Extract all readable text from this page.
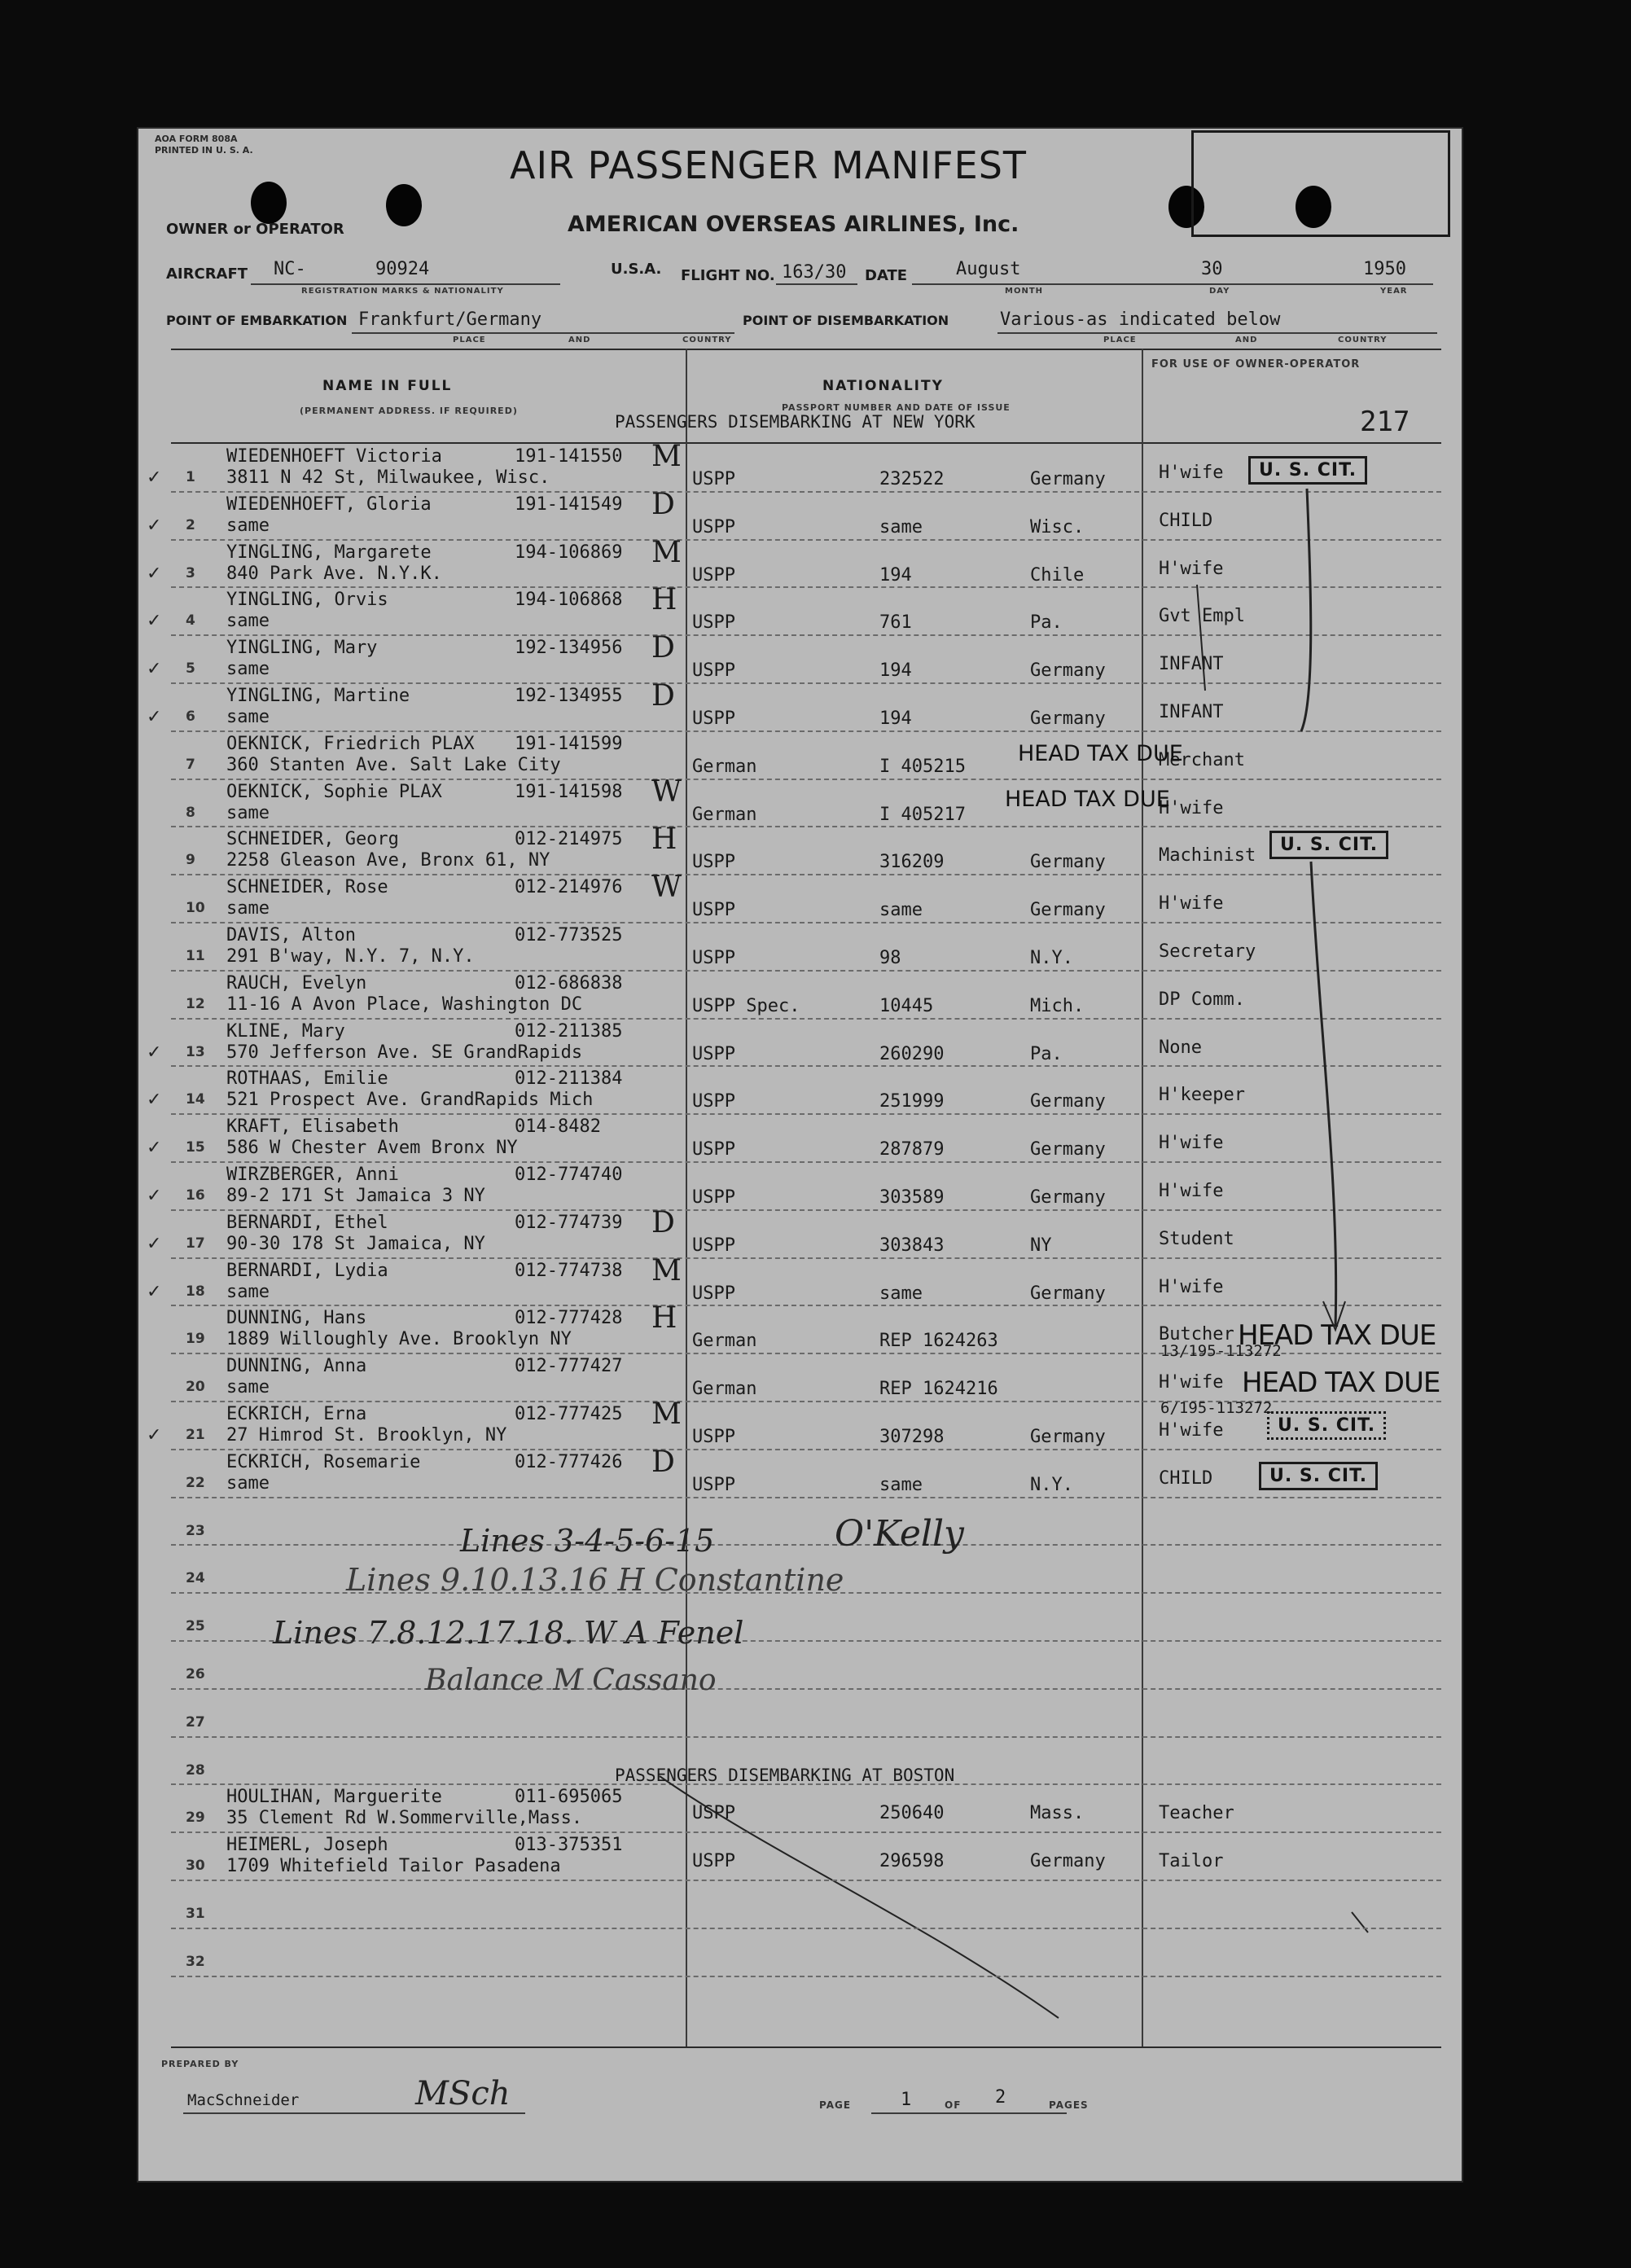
AOA FORM 808A
PRINTED IN U. S. A.	AIR PASSENGER MANIFEST
OWNER or OPERATOR	AMERICAN OVERSEAS AIRLINES, Inc.
AIRCRAFT NC-	90924
REGISTRATION MARKS & NATIONALITY
U.S.A. FLIGHT NO. 163/30 DATE	August	30	1950
MONTH	DAY	YEAR
POINT OF EMBARKATION Frankfurt/Germany	POINT OF DISEMBARKATION	Various-as indicated below
PLACE	AND	COUNTRY	PLACE	AND	COUNTRY
NAME IN FULL
(PERMANENT ADDRESS. IF REQUIRED)
NATIONALITY
PASSPORT NUMBER AND DATE OF ISSUE
FOR USE OF OWNER-OPERATOR
217
PASSENGERS DISEMBARKING AT NEW YORK
1
WIEDENHOEFT Victoria	191-141550
3811 N 42 St, Milwaukee, Wisc.
M
USPP	232522	Germany	H'wife
✓
2
WIEDENHOEFT, Gloria	191-141549
same
D
USPP	same	Wisc.	CHILD
✓
3
YINGLING, Margarete	194-106869
840 Park Ave. N.Y.K.
M
USPP	194	Chile	H'wife
✓
4
YINGLING, Orvis	194-106868
same
H
USPP	761	Pa.	Gvt Empl
✓
5
YINGLING, Mary	192-134956
same
D
USPP	194	Germany	INFANT
✓
6
YINGLING, Martine	192-134955
same
D
USPP	194	Germany	INFANT
✓
7
OEKNICK, Friedrich PLAX 191-141599
360 Stanten Ave. Salt Lake City	German	I 405215	Merchant
8
OEKNICK, Sophie PLAX	191-141598
same
W
German	I 405217	H'wife
9
SCHNEIDER, Georg	012-214975
2258 Gleason Ave, Bronx 61, NY
H
USPP	316209	Germany	Machinist
10
SCHNEIDER, Rose	012-214976
same
W
USPP	same	Germany	H'wife
11
DAVIS, Alton	012-773525
291 B'way, N.Y. 7, N.Y.	USPP	98	N.Y.	Secretary
12
RAUCH, Evelyn	012-686838
11-16 A Avon Place, Washington DC	USPP Spec.	10445	Mich.	DP Comm.
13
KLINE, Mary	012-211385
570 Jefferson Ave. SE GrandRapids	USPP	260290	Pa.	None
✓
14
ROTHAAS, Emilie	012-211384
521 Prospect Ave. GrandRapids Mich	USPP	251999	Germany	H'keeper
✓
15
KRAFT, Elisabeth	014-8482
586 W Chester Avem Bronx NY	USPP	287879	Germany	H'wife
✓
16
WIRZBERGER, Anni	012-774740
89-2 171 St Jamaica 3 NY	USPP	303589	Germany	H'wife
✓
17
BERNARDI, Ethel	012-774739
90-30 178 St Jamaica, NY
D
USPP	303843	NY	Student
✓
18
BERNARDI, Lydia	012-774738
same
M
USPP	same	Germany	H'wife
✓
19
DUNNING, Hans	012-777428
1889 Willoughly Ave. Brooklyn NY
H
German	REP 1624263	Butcher
20
DUNNING, Anna	012-777427
same	German	REP 1624216	H'wife
21
ECKRICH, Erna	012-777425
27 Himrod St. Brooklyn, NY
M
USPP	307298	Germany	H'wife
✓
22
ECKRICH, Rosemarie	012-777426
same
D
USPP	same	N.Y.	CHILD
23
24
25
26
27
28
U. S. CIT.
U. S. CIT.
U. S. CIT.
U. S. CIT.
HEAD TAX DUE
HEAD TAX DUE
HEAD TAX DUE
HEAD TAX DUE
13/195-113272
6/195-113272
Lines 3-4-5-6-15	O'Kelly
Lines 9.10.13.16 H Constantine
Lines 7.8.12.17.18. W A Fenel
Balance M Cassano
PASSENGERS DISEMBARKING AT BOSTON
29
HOULIHAN, Marguerite	011-695065
35 Clement Rd W.Sommerville,Mass.	USPP	250640	Mass.	Teacher
30
HEIMERL, Joseph	013-375351
1709 Whitefield Tailor Pasadena	USPP	296598	Germany	Tailor
31
32
PREPARED BY
MacSchneider	MSch	PAGE	1	OF 2	PAGES
